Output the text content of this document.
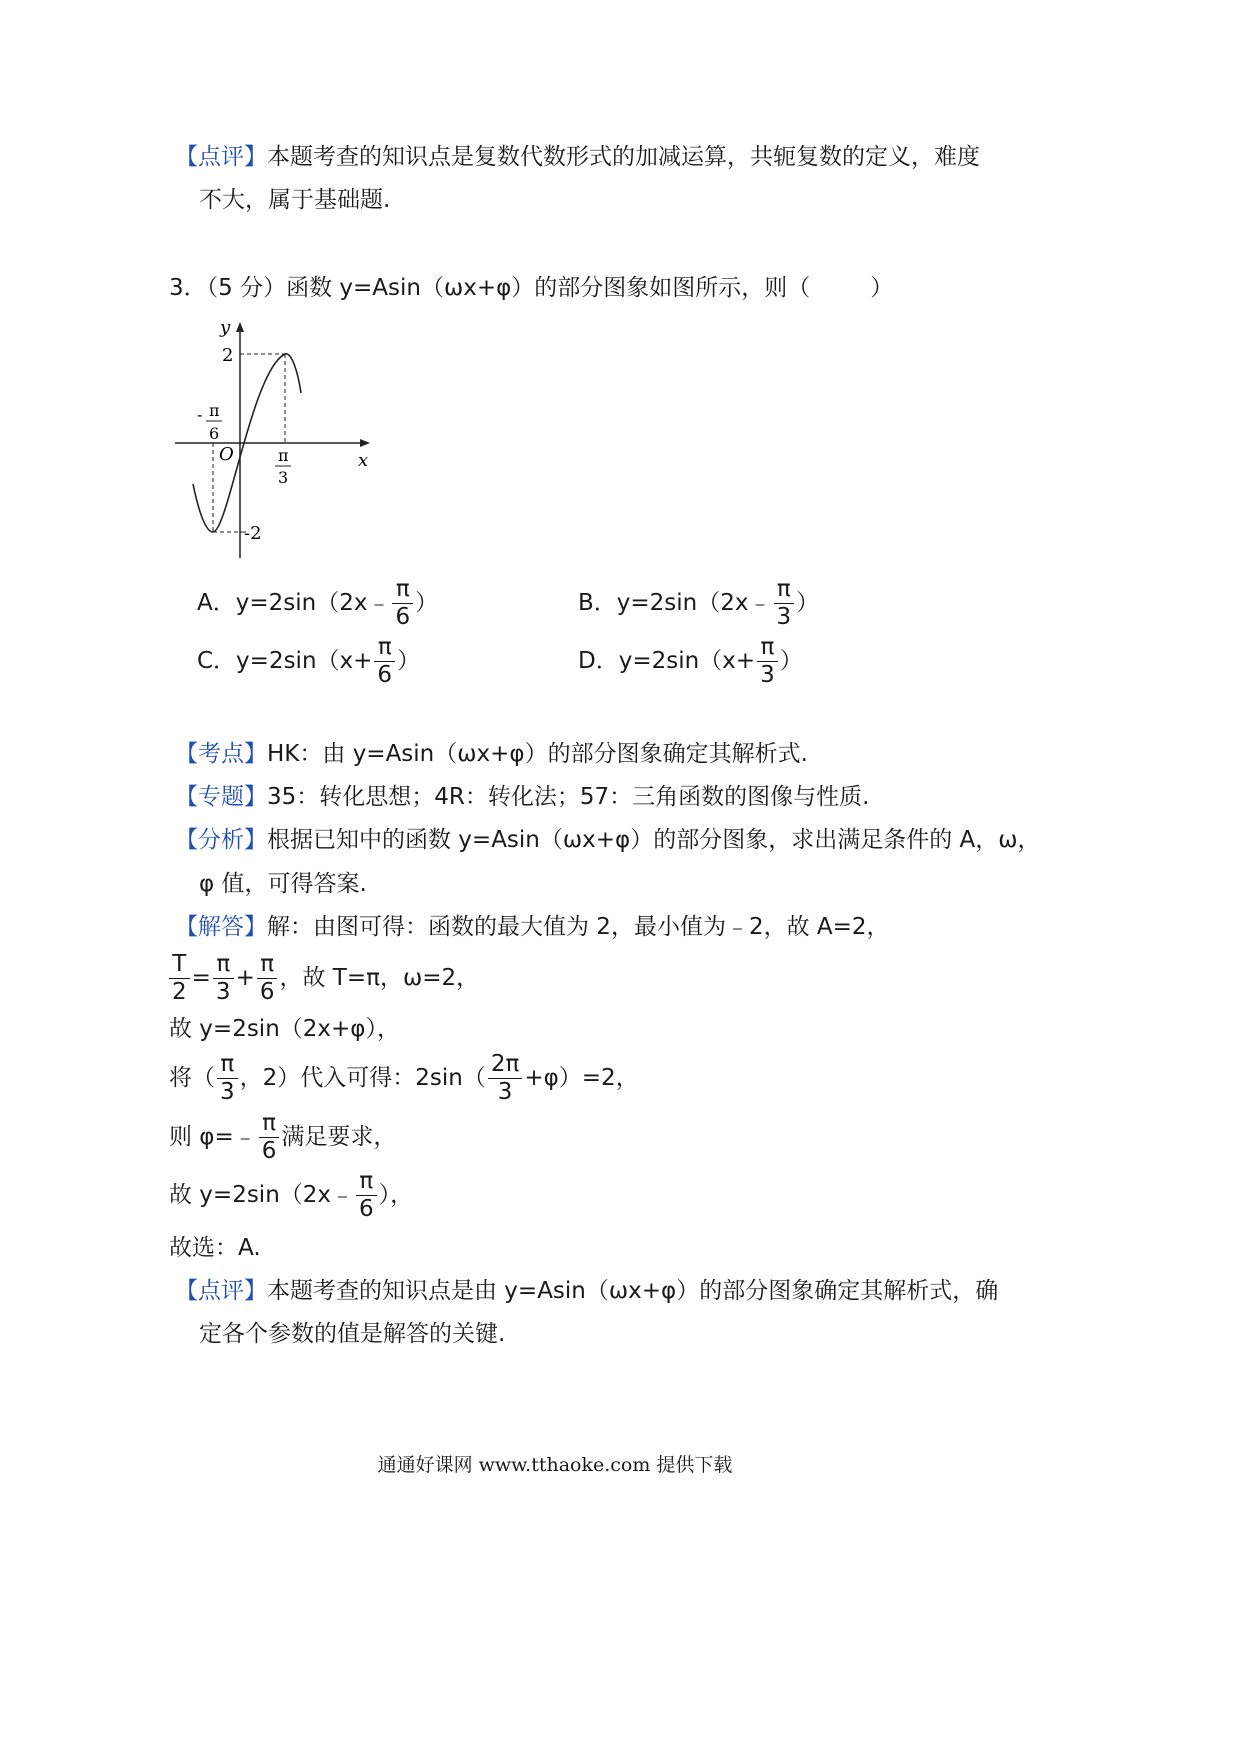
【点评】本题考查的知识点是复数代数形式的加减运算，共轭复数的定义，难度
不大，属于基础题.
3．（5 分）函数 y=Asin（ωx+φ）的部分图象如图所示，则（	）
y
x
O
2
-2
- π
6
π
3
A．y=2sin（2x﹣ $\frac{\pi}{6}$ ）	B．y=2sin（2x﹣ $\frac{\pi}{3}$ ）
C．$y=2\sin(x+ \frac{\pi}{6}$ ）	D．$y=2\sin(x+ \frac{\pi}{3}$ ）
【考点】HK：由 y=Asin（ωx+φ）的部分图象确定其解析式.
【专题】35：转化思想；4R：转化法；57：三角函数的图像与性质.
【分析】根据已知中的函数 y=Asin（ωx+φ）的部分图象，求出满足条件的 A，ω，
φ 值，可得答案.
【解答】解：由图可得：函数的最大值为 2，最小值为﹣2，故 A=2，
$\frac{T}{2} = \frac{\pi}{3} + \frac{\pi}{6}$ ，故 T=π，ω=2，
故 y=2sin（2x+φ），
将（ $\frac{\pi}{3}$ ，2）代入可得：$2\sin( \frac{2\pi}{3} +\varphi)=2$，
则 φ=﹣ $\frac{\pi}{6}$ 满足要求，
故 y=2sin（2x﹣ $\frac{\pi}{6}$ ），
故选：A.
【点评】本题考查的知识点是由 y=Asin（ωx+φ）的部分图象确定其解析式，确
定各个参数的值是解答的关键.
通通好课网 www.tthaoke.com 提供下载
